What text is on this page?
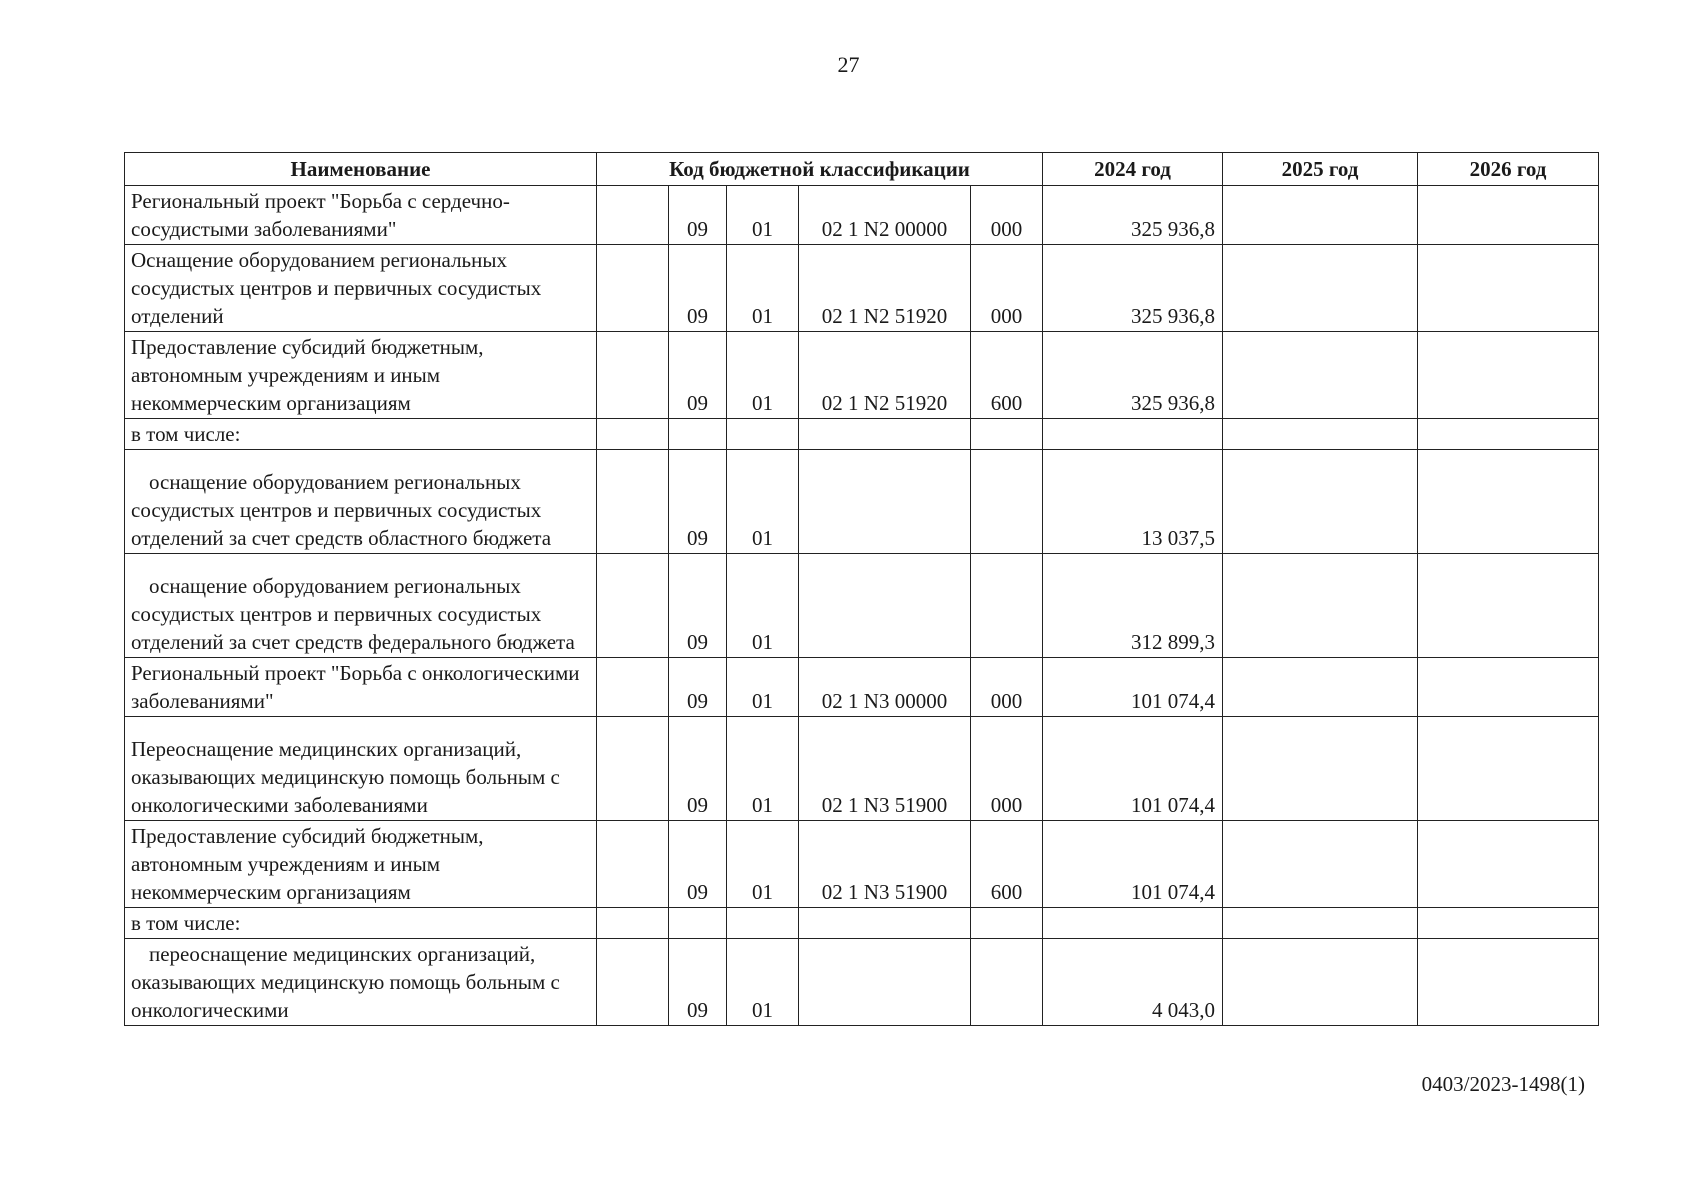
27
Наименование	Код бюджетной классификации					2024 год	2025 год	2026 год
Региональный проект "Борьба с сердечно-сосудистыми заболеваниями"		09	01	02 1 N2 00000	000	325 936,8		
Оснащение оборудованием региональных сосудистых центров и первичных сосудистых отделений		09	01	02 1 N2 51920	000	325 936,8		
Предоставление субсидий бюджетным, автономным учреждениям и иным некоммерческим организациям		09	01	02 1 N2 51920	600	325 936,8		
в том числе:								
оснащение оборудованием региональных сосудистых центров и первичных сосудистых отделений за счет средств областного бюджета		09	01			13 037,5		
оснащение оборудованием региональных сосудистых центров и первичных сосудистых отделений за счет средств федерального бюджета		09	01			312 899,3		
Региональный проект "Борьба с онкологическими заболеваниями"		09	01	02 1 N3 00000	000	101 074,4		
Переоснащение медицинских организаций, оказывающих медицинскую помощь больным с онкологическими заболеваниями		09	01	02 1 N3 51900	000	101 074,4		
Предоставление субсидий бюджетным, автономным учреждениям и иным некоммерческим организациям		09	01	02 1 N3 51900	600	101 074,4		
в том числе:								
переоснащение медицинских организаций, оказывающих медицинскую помощь больным с онкологическими		09	01			4 043,0		
0403/2023-1498(1)
